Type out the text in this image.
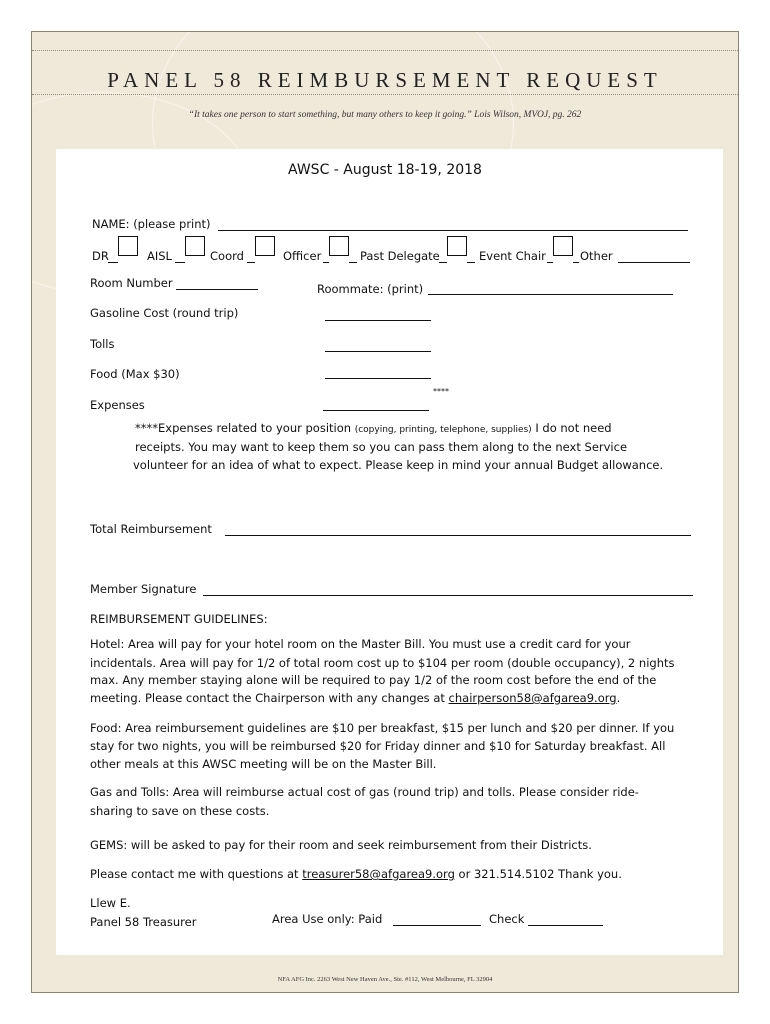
PANEL 58 REIMBURSEMENT REQUEST
“It takes one person to start something, but many others to keep it going.” Lois Wilson, MVOJ, pg. 262
NFA AFG Inc. 2263 West New Haven Ave., Ste. #112, West Melbourne, FL 32904
AWSC - August 18-19, 2018
NAME: (please print)
DR	AISL	Coord	Officer	Past Delegate	Event Chair	Other
Room Number	Roommate: (print)
Gasoline Cost (round trip)
Tolls
Food (Max $30)
****
Expenses
****Expenses related to your position (copying, printing, telephone, supplies) I do not need
receipts. You may want to keep them so you can pass them along to the next Service
volunteer for an idea of what to expect. Please keep in mind your annual Budget allowance.
Total Reimbursement
Member Signature
REIMBURSEMENT GUIDELINES:
Hotel: Area will pay for your hotel room on the Master Bill. You must use a credit card for your
incidentals. Area will pay for 1/2 of total room cost up to $104 per room (double occupancy), 2 nights
max. Any member staying alone will be required to pay 1/2 of the room cost before the end of the
meeting. Please contact the Chairperson with any changes at chairperson58@afgarea9.org.
Food: Area reimbursement guidelines are $10 per breakfast, $15 per lunch and $20 per dinner. If you
stay for two nights, you will be reimbursed $20 for Friday dinner and $10 for Saturday breakfast. All
other meals at this AWSC meeting will be on the Master Bill.
Gas and Tolls: Area will reimburse actual cost of gas (round trip) and tolls. Please consider ride-
sharing to save on these costs.
GEMS: will be asked to pay for their room and seek reimbursement from their Districts.
Please contact me with questions at treasurer58@afgarea9.org or 321.514.5102 Thank you.
Llew E.
Panel 58 Treasurer	Area Use only: Paid	Check
